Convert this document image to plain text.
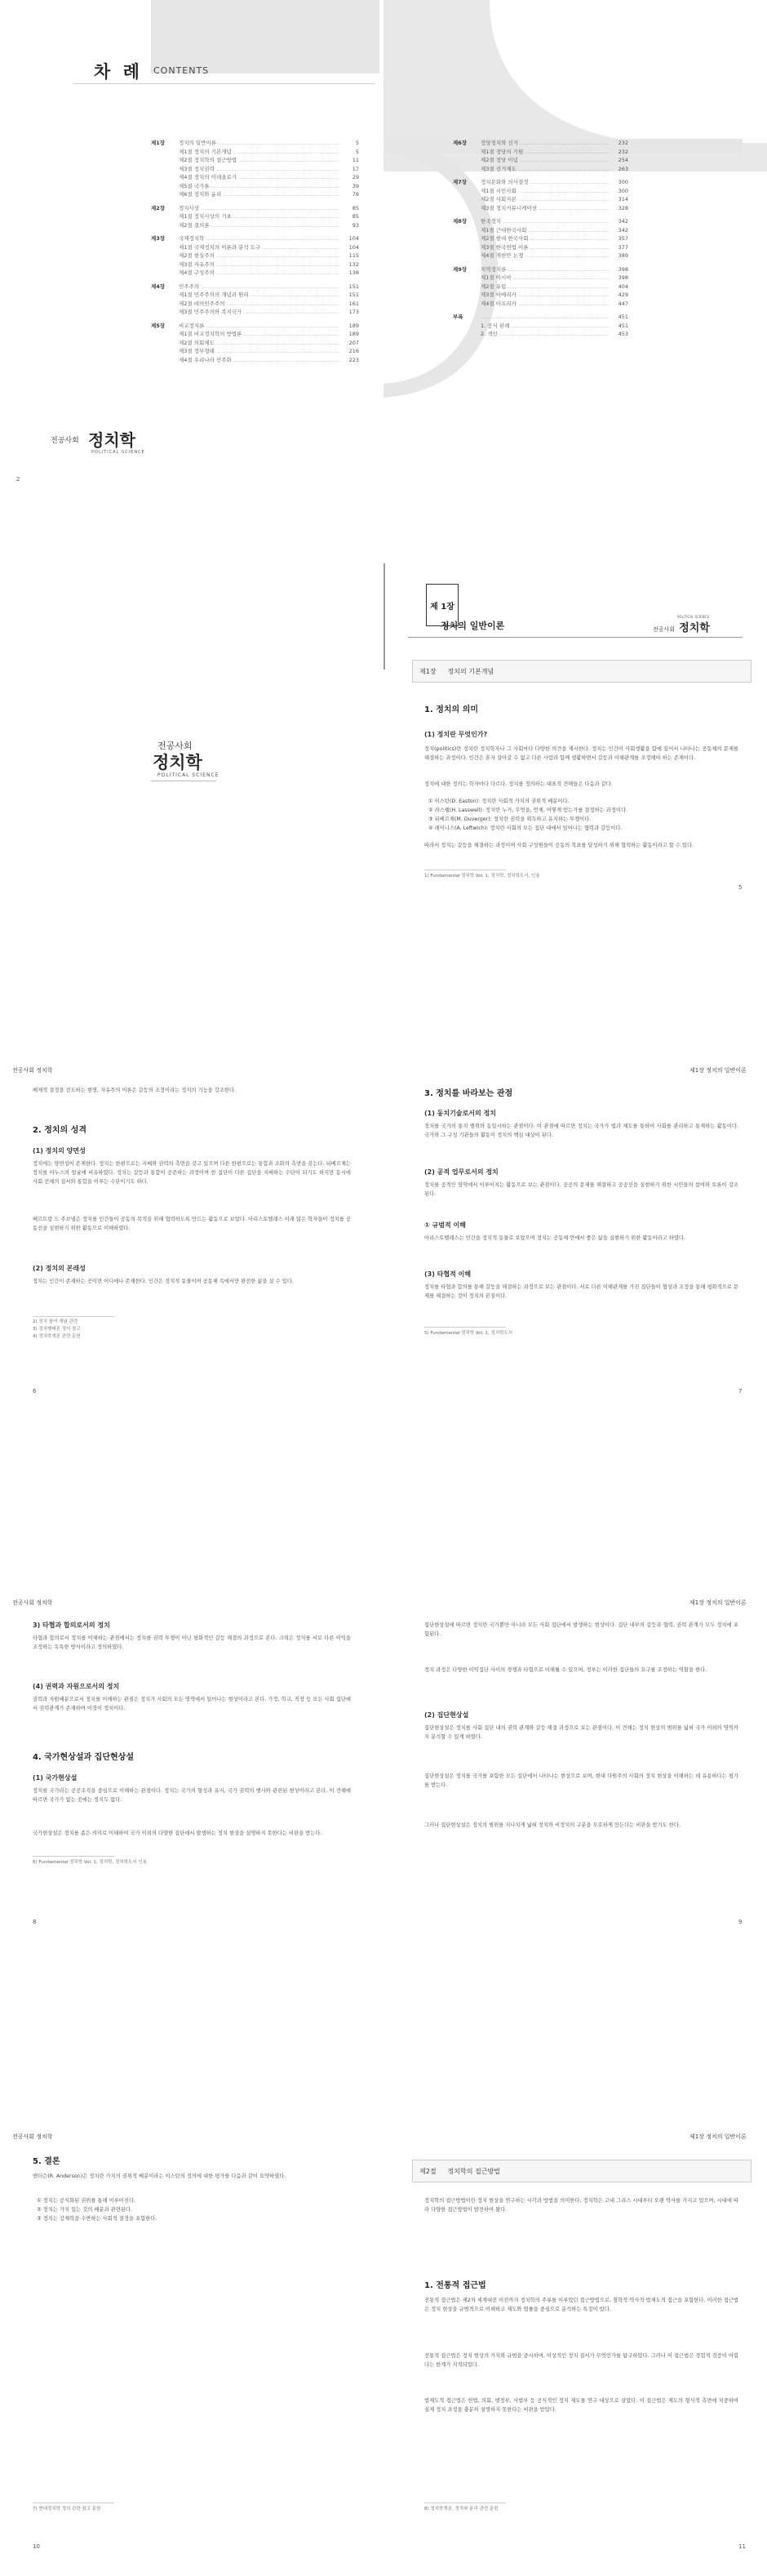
차 례 CONTENTS
제1장	정치의 일반이론 .....	5
제1절 정치의 기본개념 .....	5
제2절 정치학의 접근방법 .....	11
제3절 정치권력 .....	17
제4절 정치의 이데올로기 .....	29
제5절 국가론 .....	39
제6절 정치와 윤리 .....	78
제2장	정치사상 .....	85
제1절 정치사상의 기초 .....	85
제2절 결의론 .....	93
제3장	국제정치학 .....	104
제1절 국제정치의 이론과 분석 도구 .....	104
제2절 현실주의 .....	115
제3절 자유주의 .....	132
제4절 구성주의 .....	138
제4장	민주주의 .....	151
제1절 민주주의의 개념과 원리 .....	151
제2절 대의민주주의 .....	161
제3절 민주주의와 복지국가 .....	173
제5장	비교정치론 .....	189
제1절 비교정치학의 방법론 .....	189
제2절 의회제도 .....	207
제3절 정부형태 .....	216
제4절 우리나라 민주화 .....	223
제6장	정당정치와 선거 .....	232
제1절 정당의 기원 .....	232
제2절 정당 이념 .....	254
제3절 선거제도 .....	263
제7장	정치문화와 의사결정 .....	300
제1절 시민사회 .....	300
제2절 사회자본 .....	314
제3절 정치커뮤니케이션 .....	328
제8장	한국정치 .....	342
제1절 근대한국사회 .....	342
제2절 현대 한국사회 .....	357
제3절 한국헌법 이론 .....	377
제4절 개헌안 논쟁 .....	389
제9장	지역정치론 .....	398
제1절 아시아 .....	398
제2절 유럽 .....	404
제3절 아메리카 .....	429
제4절 아프리카 .....	447
부록 .....	451
1. 공식 판례 .....	451
2. 색인 .....	453
전공사회 정치학
POLITICAL SCIENCE
2
제 1장
정치의 일반이론
POLITICAL SCIENCE
전공사회 정치학
전공사회
정치학
POLITICAL SCIENCE
제1장 정치의 기본개념
1. 정치의 의미
(1) 정치란 무엇인가?
정치(politics)란 정치란 정치학자나 그 사회마다 다양한 의견을 제시한다. 정치는 인간이 사회생활을 함에 있어서 나타나는 공동체의 문제를 해결하는 과정이다. 인간은 혼자 살아갈 수 없고 다른 사람과 함께 생활하면서 갈등과 이해관계를 조정해야 하는 존재이다.
정치에 대한 정의는 학자마다 다르다. 정치를 정의하는 대표적 견해들은 다음과 같다.
① 이스턴(D. Easton): 정치란 사회적 가치의 권위적 배분이다.
② 라스웰(H. Lasswell): 정치란 누가, 무엇을, 언제, 어떻게 얻는가를 결정하는 과정이다.
③ 뒤베르제(M. Duverger): 정치란 권력을 획득하고 유지하는 투쟁이다.
④ 레이니스(A. Leftwich): 정치란 사회의 모든 집단 내에서 일어나는 협력과 갈등이다.
따라서 정치는 갈등을 해결하는 과정이며 사회 구성원들이 공동의 목표를 달성하기 위해 협력하는 활동이라고 할 수 있다.
1) Fundamental 정치학 Vol. 1, 정치학, 정치학도서, 인용
5
전공사회 정치학	제1장 정치의 일반이론
배제적 결정을 전도하는 현명, 자유주의 이론은 갈등의 조정이라는 정치의 기능을 강조한다.
2. 정치의 성격
(1) 정치의 양면성
정치에는 양면성이 존재한다. 정치는 한편으로는 지배와 권력의 측면을 갖고 있으며 다른 한편으로는 통합과 조화의 측면을 갖는다. 뒤베르제는 정치를 야누스의 얼굴에 비유하였다. 정치는 갈등과 통합이 공존하는 과정이며 한 집단이 다른 집단을 지배하는 수단이 되기도 하지만 동시에 사회 전체의 질서와 통합을 이루는 수단이기도 하다.
베르트랑 드 주브넬은 정치를 인간들이 공동의 목적을 위해 협력하도록 만드는 활동으로 보았다. 아리스토텔레스 이래 많은 학자들이 정치를 공동선을 실현하기 위한 활동으로 이해하였다.
(2) 정치의 본래성
정치는 인간이 존재하는 곳이면 어디에나 존재한다. 인간은 정치적 동물이며 공동체 속에서만 완전한 삶을 살 수 있다.
2) 정치 참여 개념 관련
3) 정치행태론 정의 참고
4) 정치학개론 관련 문헌
6
3. 정치를 바라보는 관점
(1) 동치기술로서의 정치
정치를 국가의 통치 행위와 동일시하는 관점이다. 이 관점에 따르면 정치는 국가가 법과 제도를 통하여 사회를 관리하고 통제하는 활동이다. 국가와 그 구성 기관들의 활동이 정치의 핵심 대상이 된다.
(2) 공적 업무로서의 정치
정치를 공적인 영역에서 이루어지는 활동으로 보는 관점이다. 공공의 문제를 해결하고 공공선을 실현하기 위한 시민들의 참여와 토론이 강조된다.
① 규범적 이해
아리스토텔레스는 인간을 정치적 동물로 보았으며 정치는 공동체 안에서 좋은 삶을 실현하기 위한 활동이라고 하였다.
(3) 타협적 이해
정치를 타협과 합의를 통해 갈등을 해결하는 과정으로 보는 관점이다. 서로 다른 이해관계를 가진 집단들이 협상과 조정을 통해 평화적으로 문제를 해결하는 것이 정치의 본질이다.
5) Fundamental 정치학 Vol. 1, 정치학도서
7
전공사회 정치학	제1장 정치의 일반이론
3) 타협과 합의로서의 정치
타협과 합의로서 정치를 이해하는 관점에서는 정치를 권력 투쟁이 아닌 평화적인 갈등 해결의 과정으로 본다. 크릭은 정치를 서로 다른 이익을 조정하는 독특한 방식이라고 정의하였다.
(4) 권력과 자원으로서의 정치
권력과 자원배분으로서 정치를 이해하는 관점은 정치가 사회의 모든 영역에서 일어나는 현상이라고 본다. 가정, 학교, 직장 등 모든 사회 집단에서 권력관계가 존재하며 이것이 정치이다.
4. 국가현상설과 집단현상설
(1) 국가현상설
정치를 국가라는 공공조직을 중심으로 이해하는 관점이다. 정치는 국가의 형성과 유지, 국가 권력의 행사와 관련된 현상이라고 본다. 이 견해에 따르면 국가가 없는 곳에는 정치도 없다.
국가현상설은 정치를 좁은 의미로 이해하여 국가 이외의 다양한 집단에서 발생하는 정치 현상을 설명하지 못한다는 비판을 받는다.
6) Fundamental 정치학 Vol. 1, 정치학, 정치학도서 인용
8
집단현상설에 따르면 정치란 국가뿐만 아니라 모든 사회 집단에서 발생하는 현상이다. 집단 내부의 갈등과 협력, 권력 관계가 모두 정치에 포함된다.
정치 과정은 다양한 이익집단 사이의 경쟁과 타협으로 이해될 수 있으며, 정부는 이러한 집단들의 요구를 조정하는 역할을 한다.
(2) 집단현상설
집단현상설은 정치를 사회 집단 내의 권력 관계와 갈등 해결 과정으로 보는 관점이다. 이 견해는 정치 현상의 범위를 넓혀 국가 이외의 영역까지 분석할 수 있게 하였다.
집단현상설은 정치를 국가를 포함한 모든 집단에서 나타나는 현상으로 보며, 현대 다원주의 사회의 정치 현상을 이해하는 데 유용하다는 평가를 받는다.
그러나 집단현상설은 정치의 범위를 지나치게 넓혀 정치와 비정치의 구분을 모호하게 만든다는 비판을 받기도 한다.
9
전공사회 정치학	제1장 정치의 일반이론
5. 결론
앤더슨(R. Anderson)은 정치란 가치의 권위적 배분이라는 이스턴의 정의에 대한 평가를 다음과 같이 요약하였다.
① 정치는 공식화된 권위를 통해 이루어진다.
② 정치는 가치 있는 것의 배분과 관련된다.
③ 정치는 강제력을 수반하는 사회적 결정을 포함한다.
7) 현대정치학 정의 관련 참고 문헌
10
제2절 정치학의 접근방법
정치학의 접근방법이란 정치 현상을 연구하는 시각과 방법을 의미한다. 정치학은 고대 그리스 시대부터 오랜 역사를 가지고 있으며, 시대에 따라 다양한 접근방법이 발전하여 왔다.
1. 전통적 접근법
전통적 접근법은 제2차 세계대전 이전까지 정치학의 주류를 이루었던 접근방법으로, 철학적·역사적·법제도적 접근을 포함한다. 이러한 접근법은 정치 현상을 규범적으로 이해하고 제도와 법률을 중심으로 분석하는 특징이 있다.
전통적 접근법은 정치 현상의 가치와 규범을 중시하며, 이상적인 정치 질서가 무엇인가를 탐구하였다. 그러나 이 접근법은 경험적 검증이 어렵다는 한계가 지적되었다.
법제도적 접근법은 헌법, 의회, 행정부, 사법부 등 공식적인 정치 제도를 연구 대상으로 삼았다. 이 접근법은 제도의 형식적 측면에 치중하여 실제 정치 과정을 충분히 설명하지 못한다는 비판을 받았다.
8) 정치학개론, 정치와 윤리 관련 문헌
11
